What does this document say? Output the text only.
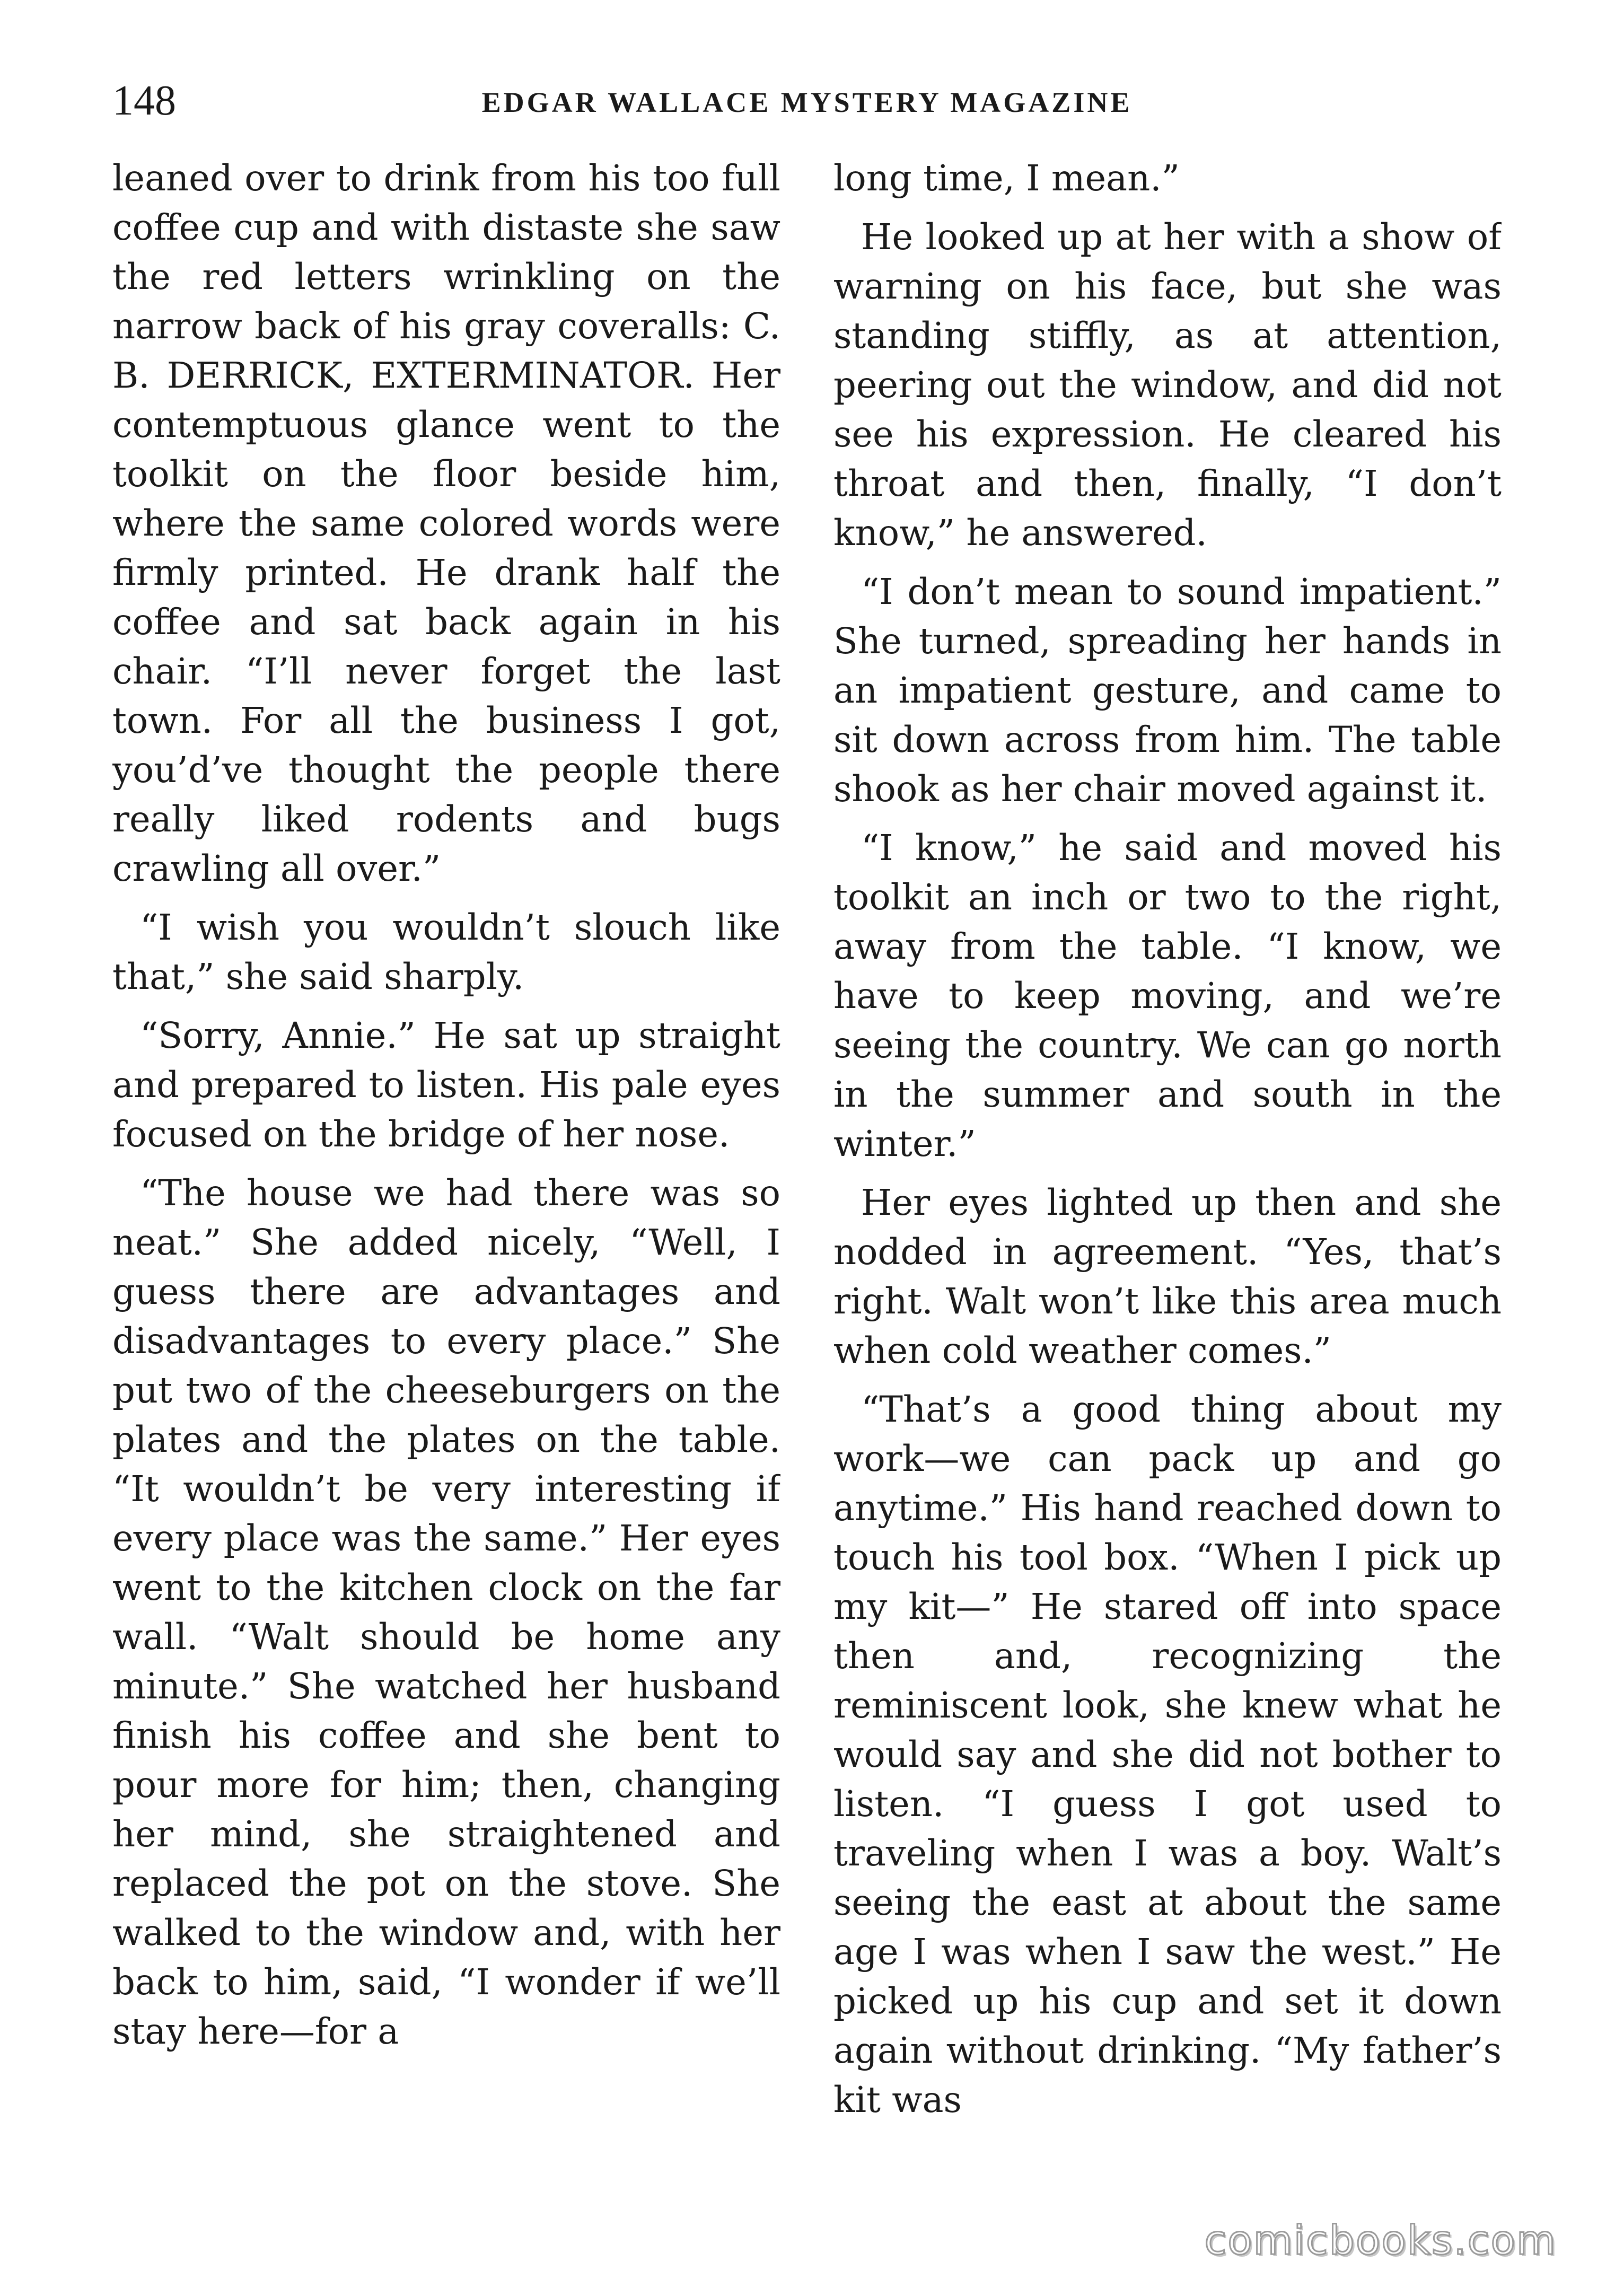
148	EDGAR WALLACE MYSTERY MAGAZINE

leaned over to drink from his too full coffee cup and with distaste she saw the red letters wrinkling on the narrow back of his gray coveralls: C. B. DERRICK, EXTERMINATOR. Her contemptuous glance went to the toolkit on the floor beside him, where the same colored words were firmly printed. He drank half the coffee and sat back again in his chair. “I’ll never forget the last town. For all the business I got, you’d’ve thought the people there really liked rodents and bugs crawling all over.”

“I wish you wouldn’t slouch like that,” she said sharply.

“Sorry, Annie.” He sat up straight and prepared to listen. His pale eyes focused on the bridge of her nose.

“The house we had there was so neat.” She added nicely, “Well, I guess there are advantages and disadvantages to every place.” She put two of the cheeseburgers on the plates and the plates on the table. “It wouldn’t be very interesting if every place was the same.” Her eyes went to the kitchen clock on the far wall. “Walt should be home any minute.” She watched her husband finish his coffee and she bent to pour more for him; then, changing her mind, she straightened and replaced the pot on the stove. She walked to the window and, with her back to him, said, “I wonder if we’ll stay here—for a

long time, I mean.”

He looked up at her with a show of warning on his face, but she was standing stiffly, as at attention, peering out the window, and did not see his expression. He cleared his throat and then, finally, “I don’t know,” he answered.

“I don’t mean to sound impatient.” She turned, spreading her hands in an impatient gesture, and came to sit down across from him. The table shook as her chair moved against it.

“I know,” he said and moved his toolkit an inch or two to the right, away from the table. “I know, we have to keep moving, and we’re seeing the country. We can go north in the summer and south in the winter.”

Her eyes lighted up then and she nodded in agreement. “Yes, that’s right. Walt won’t like this area much when cold weather comes.”

“That’s a good thing about my work—we can pack up and go anytime.” His hand reached down to touch his tool box. “When I pick up my kit—” He stared off into space then and, recognizing the reminiscent look, she knew what he would say and she did not bother to listen. “I guess I got used to traveling when I was a boy. Walt’s seeing the east at about the same age I was when I saw the west.” He picked up his cup and set it down again without drinking. “My father’s kit was

comicbooks.com
